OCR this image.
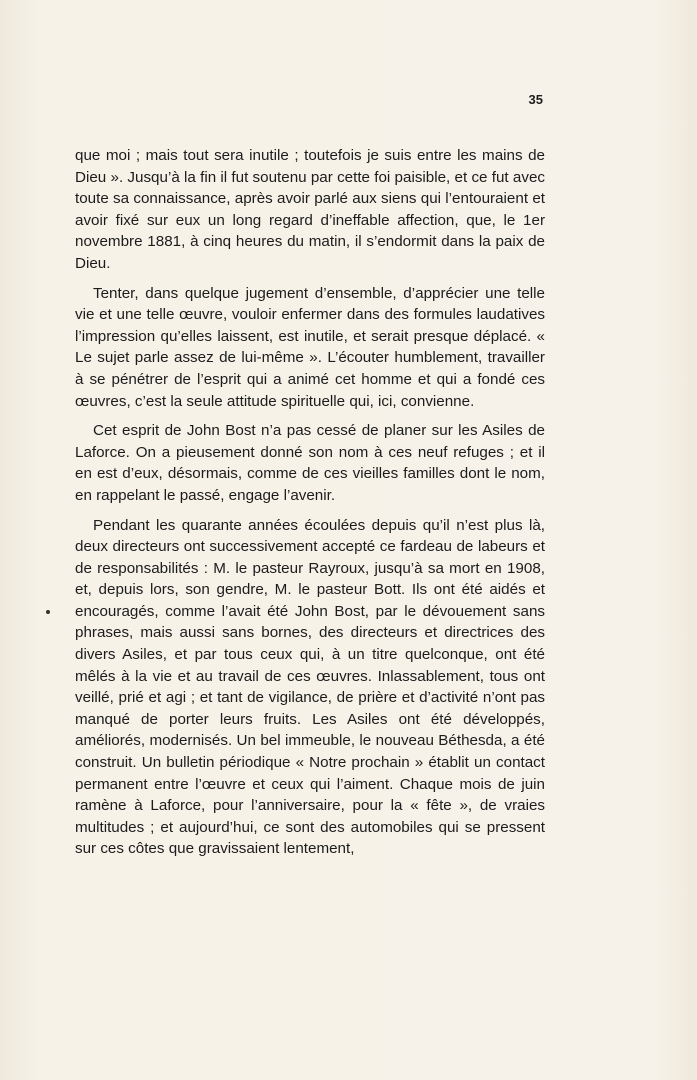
35

que moi ; mais tout sera inutile ; toutefois je suis entre les mains de Dieu ». Jusqu’à la fin il fut soutenu par cette foi paisible, et ce fut avec toute sa connaissance, après avoir parlé aux siens qui l’entouraient et avoir fixé sur eux un long regard d’ineffable affection, que, le 1er novembre 1881, à cinq heures du matin, il s’endormit dans la paix de Dieu.

Tenter, dans quelque jugement d’ensemble, d’apprécier une telle vie et une telle œuvre, vouloir enfermer dans des formules laudatives l’impression qu’elles laissent, est inutile, et serait presque déplacé. « Le sujet parle assez de lui-même ». L’écouter humblement, travailler à se pénétrer de l’esprit qui a animé cet homme et qui a fondé ces œuvres, c’est la seule attitude spirituelle qui, ici, convienne.

Cet esprit de John Bost n’a pas cessé de planer sur les Asiles de Laforce. On a pieusement donné son nom à ces neuf refuges ; et il en est d’eux, désormais, comme de ces vieilles familles dont le nom, en rappelant le passé, engage l’avenir.

Pendant les quarante années écoulées depuis qu’il n’est plus là, deux directeurs ont successivement accepté ce fardeau de labeurs et de responsabilités : M. le pasteur Rayroux, jusqu’à sa mort en 1908, et, depuis lors, son gendre, M. le pasteur Bott. Ils ont été aidés et encouragés, comme l’avait été John Bost, par le dévouement sans phrases, mais aussi sans bornes, des directeurs et directrices des divers Asiles, et par tous ceux qui, à un titre quelconque, ont été mêlés à la vie et au travail de ces œuvres. Inlassablement, tous ont veillé, prié et agi ; et tant de vigilance, de prière et d’activité n’ont pas manqué de porter leurs fruits. Les Asiles ont été développés, améliorés, modernisés. Un bel immeuble, le nouveau Béthesda, a été construit. Un bulletin périodique « Notre prochain » établit un contact permanent entre l’œuvre et ceux qui l’aiment. Chaque mois de juin ramène à Laforce, pour l’anniversaire, pour la « fête », de vraies multitudes ; et aujourd’hui, ce sont des automobiles qui se pressent sur ces côtes que gravissaient lentement,
